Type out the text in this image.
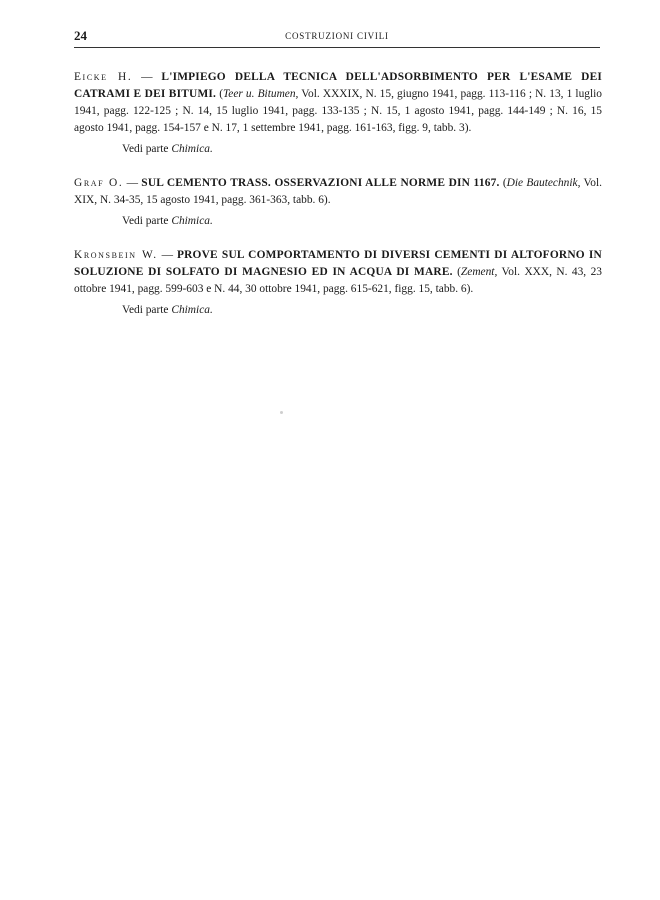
24	COSTRUZIONI CIVILI

Eicke H. — L'IMPIEGO DELLA TECNICA DELL'ADSORBIMENTO PER L'ESAME DEI CATRAMI E DEI BITUMI. (Teer u. Bitumen, Vol. XXXIX, N. 15, giugno 1941, pagg. 113-116 ; N. 13, 1 luglio 1941, pagg. 122-125 ; N. 14, 15 luglio 1941, pagg. 133-135 ; N. 15, 1 agosto 1941, pagg. 144-149 ; N. 16, 15 agosto 1941, pagg. 154-157 e N. 17, 1 settembre 1941, pagg. 161-163, figg. 9, tabb. 3).

Vedi parte Chimica.

Graf O. — SUL CEMENTO TRASS. OSSERVAZIONI ALLE NORME DIN 1167. (Die Bautechnik, Vol. XIX, N. 34-35, 15 agosto 1941, pagg. 361-363, tabb. 6).

Vedi parte Chimica.

Kronsbein W. — PROVE SUL COMPORTAMENTO DI DIVERSI CEMENTI DI ALTOFORNO IN SOLUZIONE DI SOLFATO DI MAGNESIO ED IN ACQUA DI MARE. (Zement, Vol. XXX, N. 43, 23 ottobre 1941, pagg. 599-603 e N. 44, 30 ottobre 1941, pagg. 615-621, figg. 15, tabb. 6).

Vedi parte Chimica.
